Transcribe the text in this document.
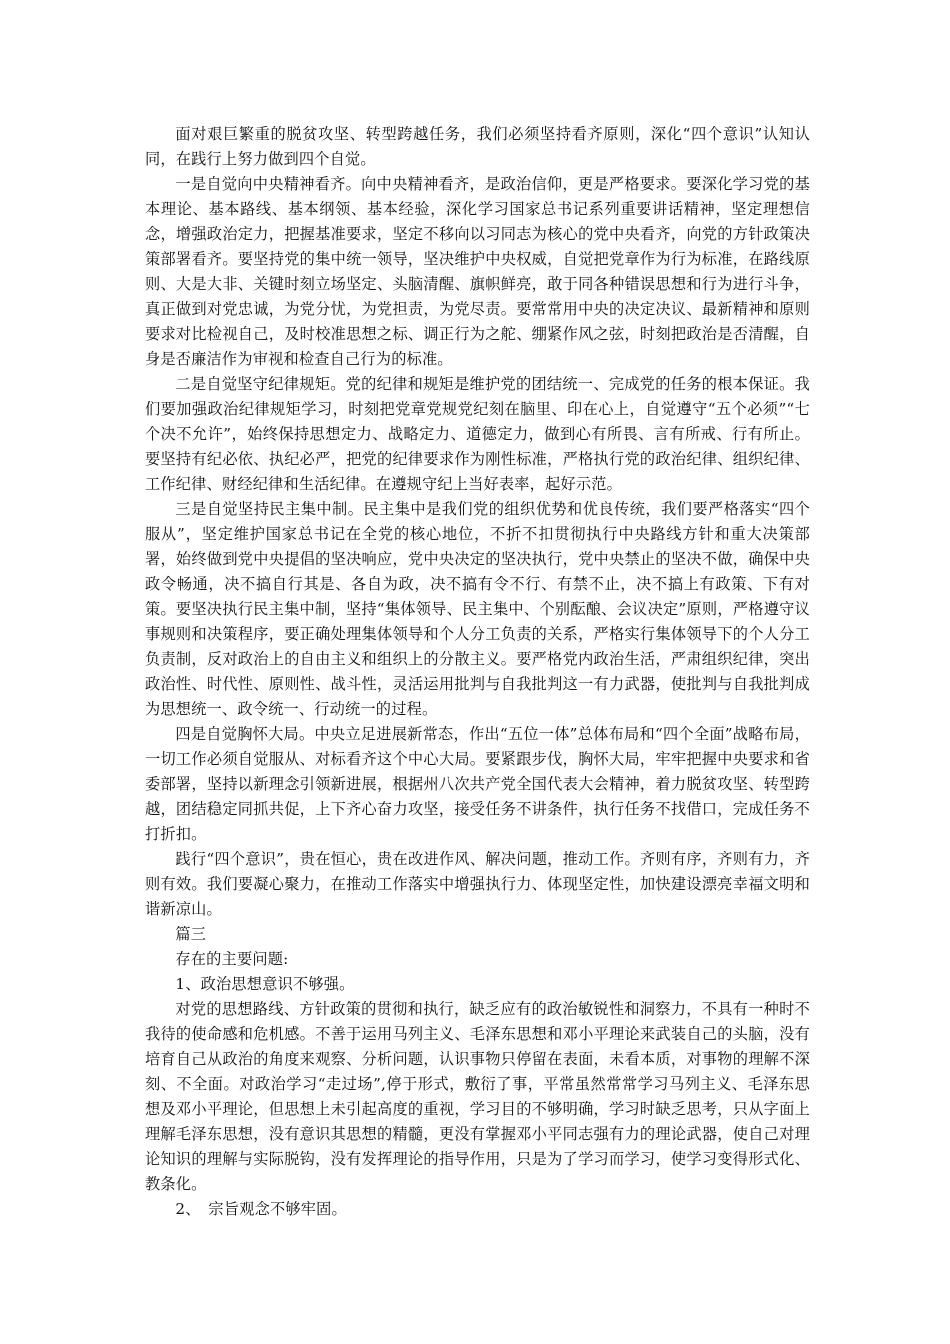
面对艰巨繁重的脱贫攻坚、转型跨越任务，我们必须坚持看齐原则，深化“四个意识”认知认同，在践行上努力做到四个自觉。

一是自觉向中央精神看齐。向中央精神看齐，是政治信仰，更是严格要求。要深化学习党的基本理论、基本路线、基本纲领、基本经验，深化学习国家总书记系列重要讲话精神，坚定理想信念，增强政治定力，把握基准要求，坚定不移向以习同志为核心的党中央看齐，向党的方针政策决策部署看齐。要坚持党的集中统一领导，坚决维护中央权威，自觉把党章作为行为标准，在路线原则、大是大非、关键时刻立场坚定、头脑清醒、旗帜鲜亮，敢于同各种错误思想和行为进行斗争，真正做到对党忠诚，为党分忧，为党担责，为党尽责。要常常用中央的决定决议、最新精神和原则要求对比检视自己，及时校准思想之标、调正行为之舵、绷紧作风之弦，时刻把政治是否清醒，自身是否廉洁作为审视和检查自己行为的标准。

二是自觉坚守纪律规矩。党的纪律和规矩是维护党的团结统一、完成党的任务的根本保证。我们要加强政治纪律规矩学习，时刻把党章党规党纪刻在脑里、印在心上，自觉遵守“五个必须”“七个决不允许”，始终保持思想定力、战略定力、道德定力，做到心有所畏、言有所戒、行有所止。要坚持有纪必依、执纪必严，把党的纪律要求作为刚性标准，严格执行党的政治纪律、组织纪律、工作纪律、财经纪律和生活纪律。在遵规守纪上当好表率，起好示范。

三是自觉坚持民主集中制。民主集中是我们党的组织优势和优良传统，我们要严格落实“四个服从”，坚定维护国家总书记在全党的核心地位，不折不扣贯彻执行中央路线方针和重大决策部署，始终做到党中央提倡的坚决响应，党中央决定的坚决执行，党中央禁止的坚决不做，确保中央政令畅通，决不搞自行其是、各自为政，决不搞有令不行、有禁不止，决不搞上有政策、下有对策。要坚决执行民主集中制，坚持“集体领导、民主集中、个别酝酿、会议决定”原则，严格遵守议事规则和决策程序，要正确处理集体领导和个人分工负责的关系，严格实行集体领导下的个人分工负责制，反对政治上的自由主义和组织上的分散主义。要严格党内政治生活，严肃组织纪律，突出政治性、时代性、原则性、战斗性，灵活运用批判与自我批判这一有力武器，使批判与自我批判成为思想统一、政令统一、行动统一的过程。

四是自觉胸怀大局。中央立足进展新常态，作出“五位一体”总体布局和“四个全面”战略布局，一切工作必须自觉服从、对标看齐这个中心大局。要紧跟步伐，胸怀大局，牢牢把握中央要求和省委部署，坚持以新理念引领新进展，根据州八次共产党全国代表大会精神，着力脱贫攻坚、转型跨越，团结稳定同抓共促，上下齐心奋力攻坚，接受任务不讲条件，执行任务不找借口，完成任务不打折扣。

践行“四个意识”，贵在恒心，贵在改进作风、解决问题，推动工作。齐则有序，齐则有力，齐则有效。我们要凝心聚力，在推动工作落实中增强执行力、体现坚定性，加快建设漂亮幸福文明和谐新凉山。

篇三

存在的主要问题:

1、政治思想意识不够强。

对党的思想路线、方针政策的贯彻和执行，缺乏应有的政治敏锐性和洞察力，不具有一种时不我待的使命感和危机感。不善于运用马列主义、毛泽东思想和邓小平理论来武装自己的头脑，没有培育自己从政治的角度来观察、分析问题，认识事物只停留在表面，未看本质，对事物的理解不深刻、不全面。对政治学习“走过场”,停于形式，敷衍了事，平常虽然常常学习马列主义、毛泽东思想及邓小平理论，但思想上未引起高度的重视，学习目的不够明确，学习时缺乏思考，只从字面上理解毛泽东思想，没有意识其思想的精髓，更没有掌握邓小平同志强有力的理论武器，使自己对理论知识的理解与实际脱钩，没有发挥理论的指导作用，只是为了学习而学习，使学习变得形式化、教条化。

2、　宗旨观念不够牢固。
